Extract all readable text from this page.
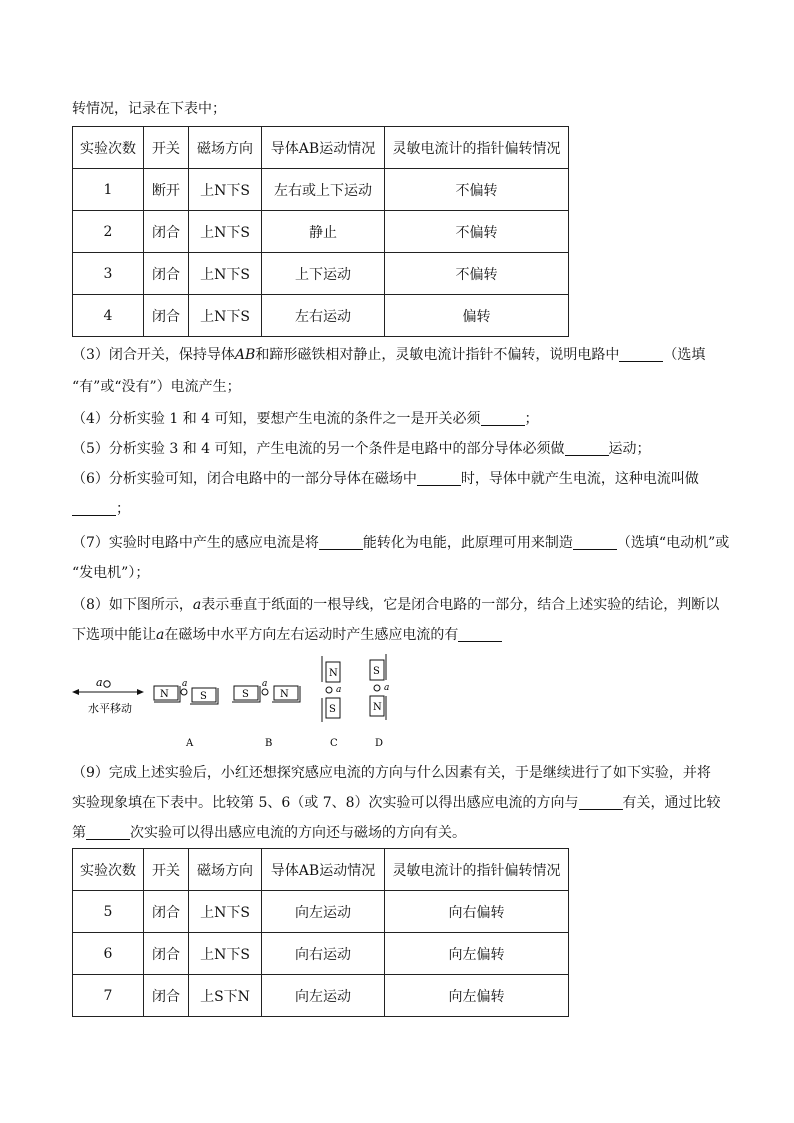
转情况，记录在下表中；
实验次数	开关	磁场方向	导体AB运动情况	灵敏电流计的指针偏转情况
1	断开	上N下S	左右或上下运动	不偏转
2	闭合	上N下S	静止	不偏转
3	闭合	上N下S	上下运动	不偏转
4	闭合	上N下S	左右运动	偏转
（3）闭合开关，保持导体AB和蹄形磁铁相对静止，灵敏电流计指针不偏转，说明电路中	（选填
“有”或“没有”）电流产生；
（4）分析实验 1 和 4 可知，要想产生电流的条件之一是开关必须	；
（5）分析实验 3 和 4 可知，产生电流的另一个条件是电路中的部分导体必须做	运动；
（6）分析实验可知，闭合电路中的一部分导体在磁场中	时，导体中就产生电流，这种电流叫做
；
（7）实验时电路中产生的感应电流是将	能转化为电能，此原理可用来制造	（选填“电动机”或
“发电机”）；
（8）如下图所示，a表示垂直于纸面的一根导线，它是闭合电路的一部分，结合上述实验的结论，判断以
下选项中能让a在磁场中水平方向左右运动时产生感应电流的有
a
水平移动
N
a
S	S
a
N
N
a
S
S
a
N
A	B	C	D
（9）完成上述实验后，小红还想探究感应电流的方向与什么因素有关，于是继续进行了如下实验，并将
实验现象填在下表中。比较第 5、6（或 7、8）次实验可以得出感应电流的方向与	有关，通过比较
第	次实验可以得出感应电流的方向还与磁场的方向有关。
实验次数	开关	磁场方向	导体AB运动情况	灵敏电流计的指针偏转情况
5	闭合	上N下S	向左运动	向右偏转
6	闭合	上N下S	向右运动	向左偏转
7	闭合	上S下N	向左运动	向左偏转
